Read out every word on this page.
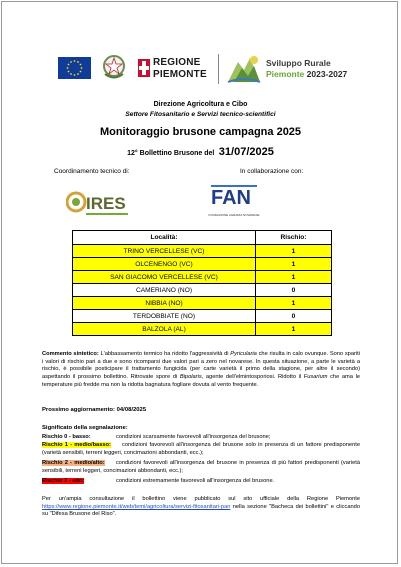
REGIONE
PIEMONTE
Sviluppo Rurale
Piemonte 2023-2027
Direzione Agricoltura e Cibo
Settore Fitosanitario e Servizi tecnico-scientifici
Monitoraggio brusone campagna 2025
12° Bollettino Brusone del 31/07/2025
Coordinamento tecnico di:	In collaborazione con:
IRES	FAN
FONDAZIONE AGRARIA NOVARESE
Località:	Rischio:
TRINO VERCELLESE (VC)	1
OLCENENGO (VC)	1
SAN GIACOMO VERCELLESE (VC)	1
CAMERIANO (NO)	0
NIBBIA (NO)	1
TERDOBBIATE (NO)	0
BALZOLA (AL)	1
Commento sintetico: L'abbassamento termico ha ridotto l'aggressività di Pyricularia che risulta in calo ovunque. Sono spariti i valori di rischio pari a due e sono ricomparsi due valori pari a zero nel novarese. In questa situazione, a parte le varietà a rischio, è possibile posticipare il trattamento fungicida (per carte varietà il primo della stagione, per altre il secondo) aspettando il prossimo bollettino. Ritrovate spore di Bipolaris, agente dell'elmintosporiosi. Ridotto il Fusarium che ama le temperature più fredde ma non la ridotta bagnatura fogliare dovuta al vento frequente.
Prossimo aggiornamento: 04/08/2025
Significato della segnalazione:
Rischio 0 - basso:	condizioni scarsamente favorevoli all'insorgenza del brusone;
Rischio 1 - medio/basso: condizioni favorevoli all'insorgenza del brusone solo in presenza di un fattore predisponente (varietà sensibili, terreni leggeri, concimazioni abbondanti, ecc.);
Rischio 2 - medio/alto: condizioni favorevoli all'insorgenza del brusone in presenza di più fattori predisponenti (varietà sensibili, terreni leggeri, concimazioni abbondanti, ecc.);
Rischio 3 - alto:	condizioni estremamente favorevoli all'insorgenza del brusone.
Per un'ampia consultazione il bollettino viene pubblicato sul sito ufficiale della Regione Piemonte https://www.regione.piemonte.it/web/temi/agricoltura/servizi-fitosanitari-pan nella sezione "Bacheca dei bollettini" e cliccando su "Difesa Brusone del Riso".
